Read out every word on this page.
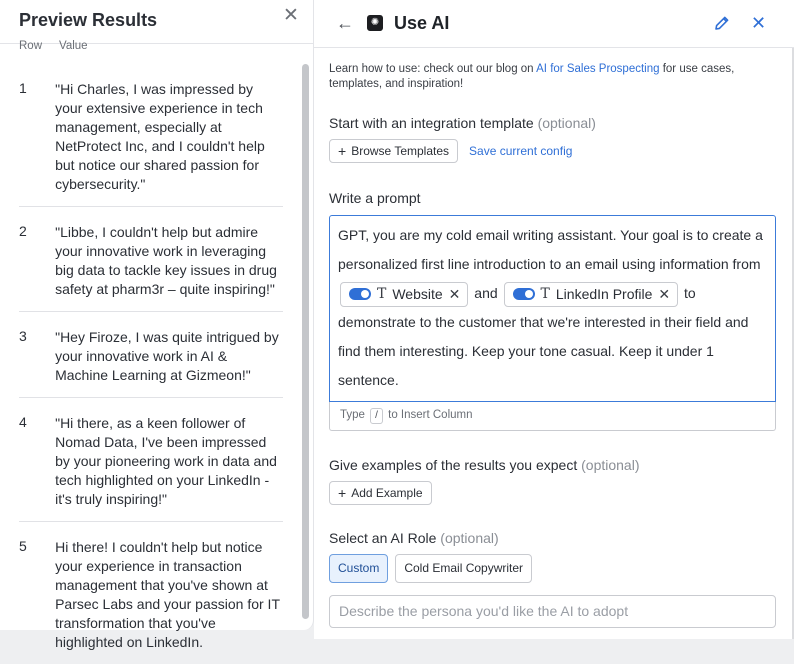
Preview Results	✕
Row Value
1	"Hi Charles, I was impressed by your extensive experience in tech management, especially at NetProtect Inc, and I couldn't help but notice our shared passion for cybersecurity."
2	"Libbe, I couldn't help but admire your innovative work in leveraging big data to tackle key issues in drug safety at pharm3r – quite inspiring!"
3	"Hey Firoze, I was quite intrigued by your innovative work in AI & Machine Learning at Gizmeon!"
4	"Hi there, as a keen follower of Nomad Data, I've been impressed by your pioneering work in data and tech highlighted on your LinkedIn - it's truly inspiring!"
5	Hi there! I couldn't help but notice your experience in transaction management that you've shown at Parsec Labs and your passion for IT transformation that you've highlighted on LinkedIn.
←	✺ Use AI	✕
Learn how to use: check out our blog on AI for Sales Prospecting for use cases, templates, and inspiration!
Start with an integration template (optional)
+ Browse Templates Save current config
Write a prompt
GPT, you are my cold email writing assistant. Your goal is to create a personalized first line introduction to an email using information from
T Website ✕ and	T LinkedIn Profile ✕ to demonstrate to the customer that we're interested in their field and find them interesting. Keep your tone casual. Keep it under 1 sentence.
Type / to Insert Column
Give examples of the results you expect (optional)
+ Add Example
Select an AI Role (optional)
Custom	Cold Email Copywriter
Describe the persona you'd like the AI to adopt
